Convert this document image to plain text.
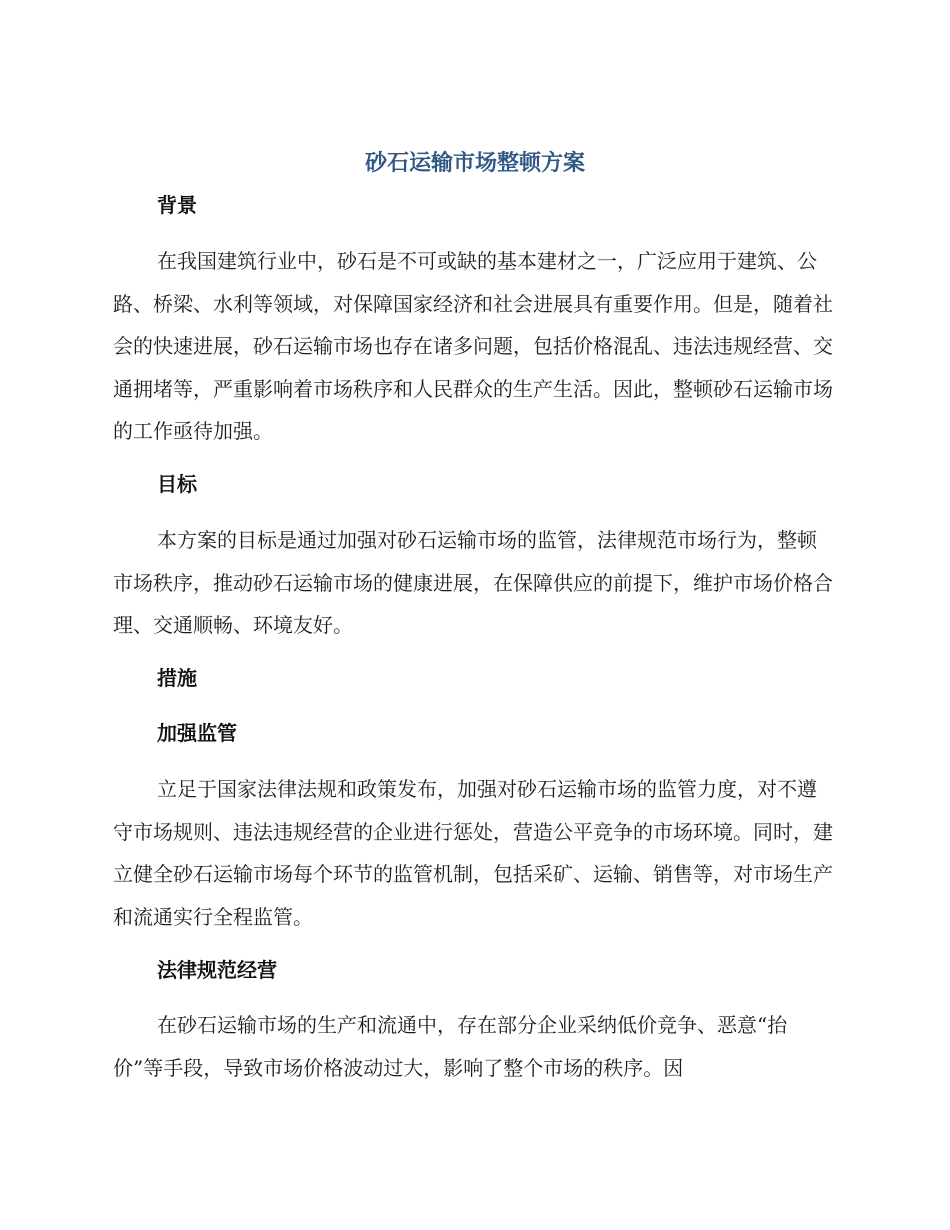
砂石运输市场整顿方案
背景

在我国建筑行业中，砂石是不可或缺的基本建材之一，广泛应用于建筑、公路、桥梁、水利等领域，对保障国家经济和社会进展具有重要作用。但是，随着社会的快速进展，砂石运输市场也存在诸多问题，包括价格混乱、违法违规经营、交通拥堵等，严重影响着市场秩序和人民群众的生产生活。因此，整顿砂石运输市场的工作亟待加强。

目标

本方案的目标是通过加强对砂石运输市场的监管，法律规范市场行为，整顿市场秩序，推动砂石运输市场的健康进展，在保障供应的前提下，维护市场价格合理、交通顺畅、环境友好。

措施
加强监管

立足于国家法律法规和政策发布，加强对砂石运输市场的监管力度，对不遵守市场规则、违法违规经营的企业进行惩处，营造公平竞争的市场环境。同时，建立健全砂石运输市场每个环节的监管机制，包括采矿、运输、销售等，对市场生产和流通实行全程监管。

法律规范经营

在砂石运输市场的生产和流通中，存在部分企业采纳低价竞争、恶意“抬价”等手段，导致市场价格波动过大，影响了整个市场的秩序。因
